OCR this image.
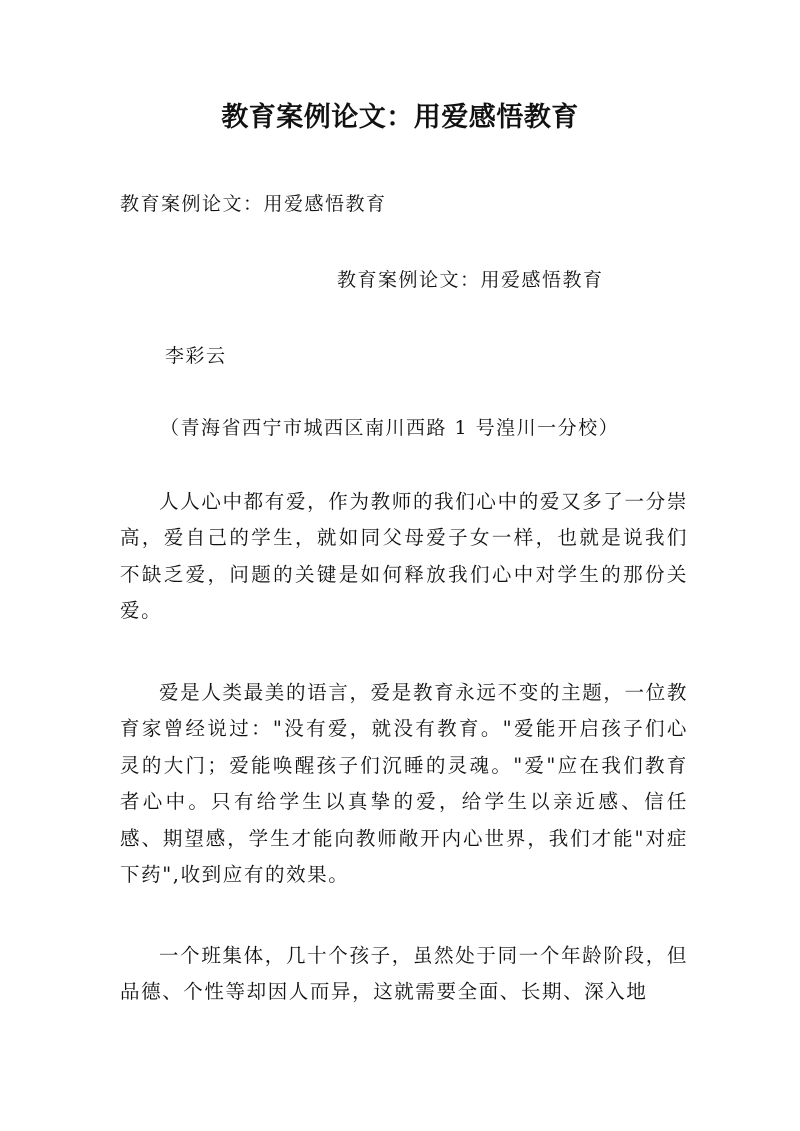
教育案例论文：用爱感悟教育
教育案例论文：用爱感悟教育
教育案例论文：用爱感悟教育
李彩云
（青海省西宁市城西区南川西路 1 号湟川一分校）

人人心中都有爱，作为教师的我们心中的爱又多了一分崇高，爱自己的学生，就如同父母爱子女一样，也就是说我们不缺乏爱，问题的关键是如何释放我们心中对学生的那份关爱。

爱是人类最美的语言，爱是教育永远不变的主题，一位教育家曾经说过："没有爱，就没有教育。"爱能开启孩子们心灵的大门；爱能唤醒孩子们沉睡的灵魂。"爱"应在我们教育者心中。只有给学生以真挚的爱，给学生以亲近感、信任感、期望感，学生才能向教师敞开内心世界，我们才能"对症下药",收到应有的效果。

一个班集体，几十个孩子，虽然处于同一个年龄阶段，但品德、个性等却因人而异，这就需要全面、长期、深入地
